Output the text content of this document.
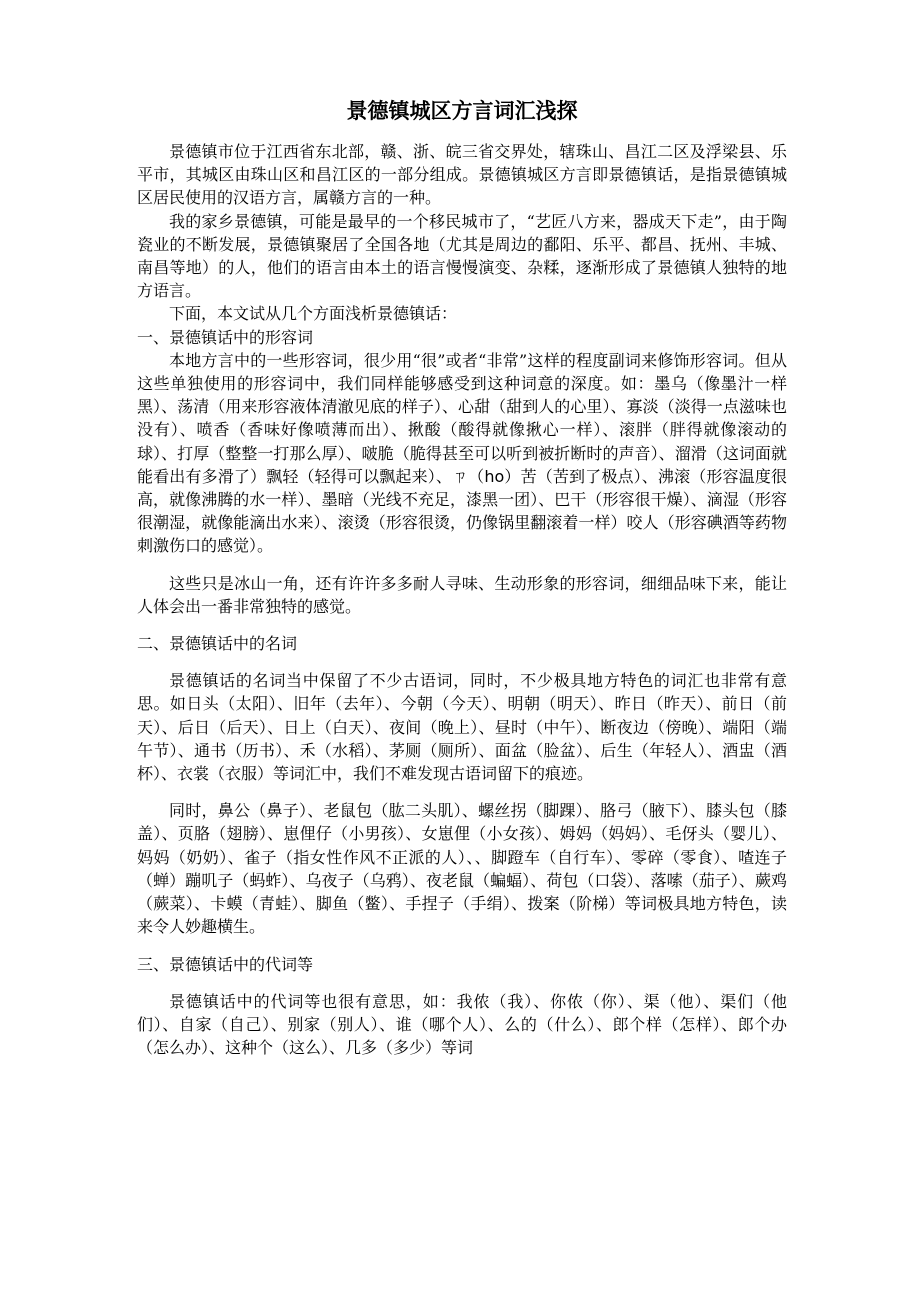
景德镇城区方言词汇浅探

景德镇市位于江西省东北部，赣、浙、皖三省交界处，辖珠山、昌江二区及浮梁县、乐平市，其城区由珠山区和昌江区的一部分组成。景德镇城区方言即景德镇话，是指景德镇城区居民使用的汉语方言，属赣方言的一种。

我的家乡景德镇，可能是最早的一个移民城市了，“艺匠八方来，器成天下走”，由于陶瓷业的不断发展，景德镇聚居了全国各地（尤其是周边的鄱阳、乐平、都昌、抚州、丰城、南昌等地）的人，他们的语言由本土的语言慢慢演变、杂糅，逐渐形成了景德镇人独特的地方语言。

下面，本文试从几个方面浅析景德镇话：

一、景德镇话中的形容词

本地方言中的一些形容词，很少用“很”或者“非常”这样的程度副词来修饰形容词。但从这些单独使用的形容词中，我们同样能够感受到这种词意的深度。如：墨乌（像墨汁一样黑）、荡清（用来形容液体清澈见底的样子）、心甜（甜到人的心里）、寡淡（淡得一点滋味也没有）、喷香（香味好像喷薄而出）、揪酸（酸得就像揪心一样）、滚胖（胖得就像滚动的球）、打厚（整整一打那么厚）、啵脆（脆得甚至可以听到被折断时的声音）、溜滑（这词面就能看出有多滑了）飘轻（轻得可以飘起来）、ㄗ（ho）苦（苦到了极点）、沸滚（形容温度很高，就像沸腾的水一样）、墨暗（光线不充足，漆黑一团）、巴干（形容很干燥）、滴湿（形容很潮湿，就像能滴出水来）、滚烫（形容很烫，仍像锅里翻滚着一样）咬人（形容碘酒等药物刺激伤口的感觉）。

这些只是冰山一角，还有许许多多耐人寻味、生动形象的形容词，细细品味下来，能让人体会出一番非常独特的感觉。

二、景德镇话中的名词

景德镇话的名词当中保留了不少古语词，同时，不少极具地方特色的词汇也非常有意思。如日头（太阳）、旧年（去年）、今朝（今天）、明朝（明天）、昨日（昨天）、前日（前天）、后日（后天）、日上（白天）、夜间（晚上）、昼时（中午）、断夜边（傍晚）、端阳（端午节）、通书（历书）、禾（水稻）、茅厕（厕所）、面盆（脸盆）、后生（年轻人）、酒盅（酒杯）、衣裳（衣服）等词汇中，我们不难发现古语词留下的痕迹。

同时，鼻公（鼻子）、老鼠包（肱二头肌）、螺丝拐（脚踝）、胳弓（腋下）、膝头包（膝盖）、页胳（翅膀）、崽俚仔（小男孩）、女崽俚（小女孩）、姆妈（妈妈）、毛伢头（婴儿）、妈妈（奶奶）、雀子（指女性作风不正派的人）、、脚蹬车（自行车）、零碎（零食）、喳连子（蝉）蹦叽子（蚂蚱）、乌夜子（乌鸦）、夜老鼠（蝙蝠）、荷包（口袋）、落嗦（茄子）、蕨鸡（蕨菜）、卡蟆（青蛙）、脚鱼（鳖）、手捏子（手绢）、拨案（阶梯）等词极具地方特色，读来令人妙趣横生。

三、景德镇话中的代词等

景德镇话中的代词等也很有意思，如：我侬（我）、你侬（你）、渠（他）、渠们（他们）、自家（自己）、别家（别人）、谁（哪个人）、么的（什么）、郎个样（怎样）、郎个办（怎么办）、这种个（这么）、几多（多少）等词
